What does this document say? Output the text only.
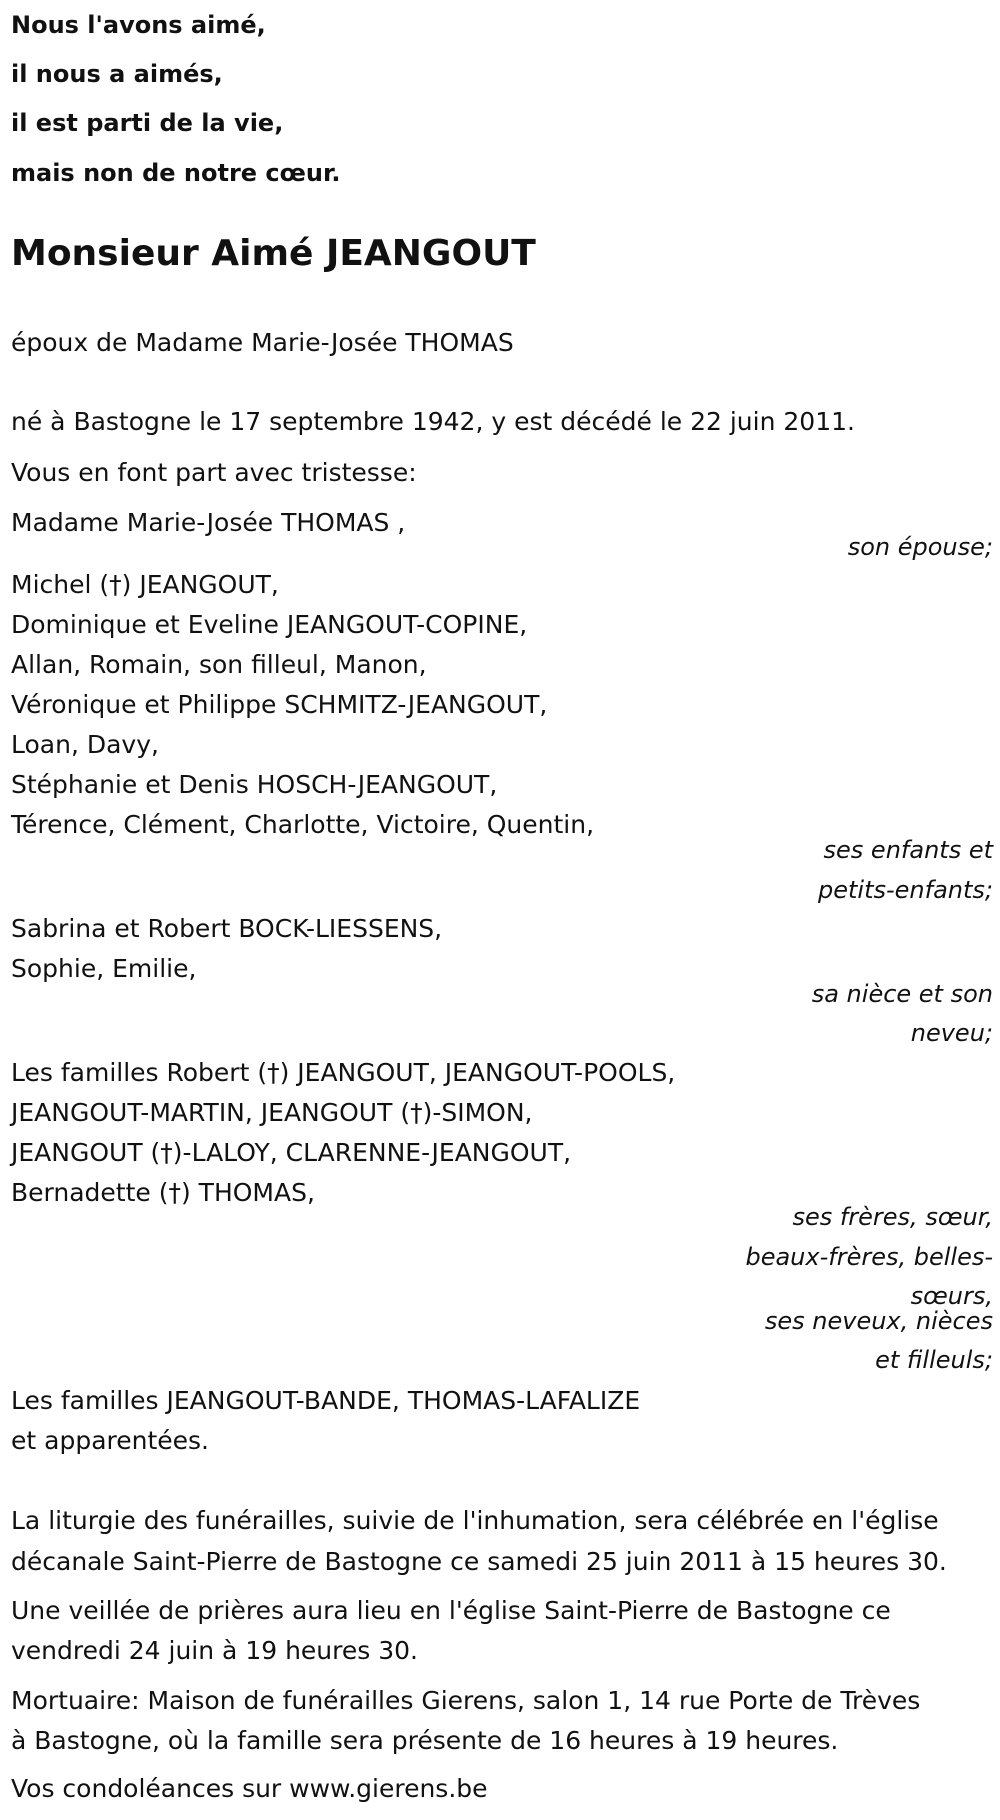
Nous l'avons aimé,

il nous a aimés,

il est parti de la vie,

mais non de notre cœur.

Monsieur Aimé JEANGOUT

époux de Madame Marie-Josée THOMAS

né à Bastogne le 17 septembre 1942, y est décédé le 22 juin 2011.

Vous en font part avec tristesse:

Madame Marie-Josée THOMAS ,

son épouse;

Michel (†) JEANGOUT,

Dominique et Eveline JEANGOUT-COPINE,

Allan, Romain, son filleul, Manon,

Véronique et Philippe SCHMITZ-JEANGOUT,

Loan, Davy,

Stéphanie et Denis HOSCH-JEANGOUT,

Térence, Clément, Charlotte, Victoire, Quentin,

ses enfants et

petits-enfants;

Sabrina et Robert BOCK-LIESSENS,

Sophie, Emilie,

sa nièce et son

neveu;

Les familles Robert (†) JEANGOUT, JEANGOUT-POOLS,

JEANGOUT-MARTIN, JEANGOUT (†)-SIMON,

JEANGOUT (†)-LALOY, CLARENNE-JEANGOUT,

Bernadette (†) THOMAS,

ses frères, sœur,

beaux-frères, belles-

sœurs,

ses neveux, nièces

et filleuls;

Les familles JEANGOUT-BANDE, THOMAS-LAFALIZE

et apparentées.

La liturgie des funérailles, suivie de l'inhumation, sera célébrée en l'église

décanale Saint-Pierre de Bastogne ce samedi 25 juin 2011 à 15 heures 30.

Une veillée de prières aura lieu en l'église Saint-Pierre de Bastogne ce

vendredi 24 juin à 19 heures 30.

Mortuaire: Maison de funérailles Gierens, salon 1, 14 rue Porte de Trèves

à Bastogne, où la famille sera présente de 16 heures à 19 heures.

Vos condoléances sur www.gierens.be
